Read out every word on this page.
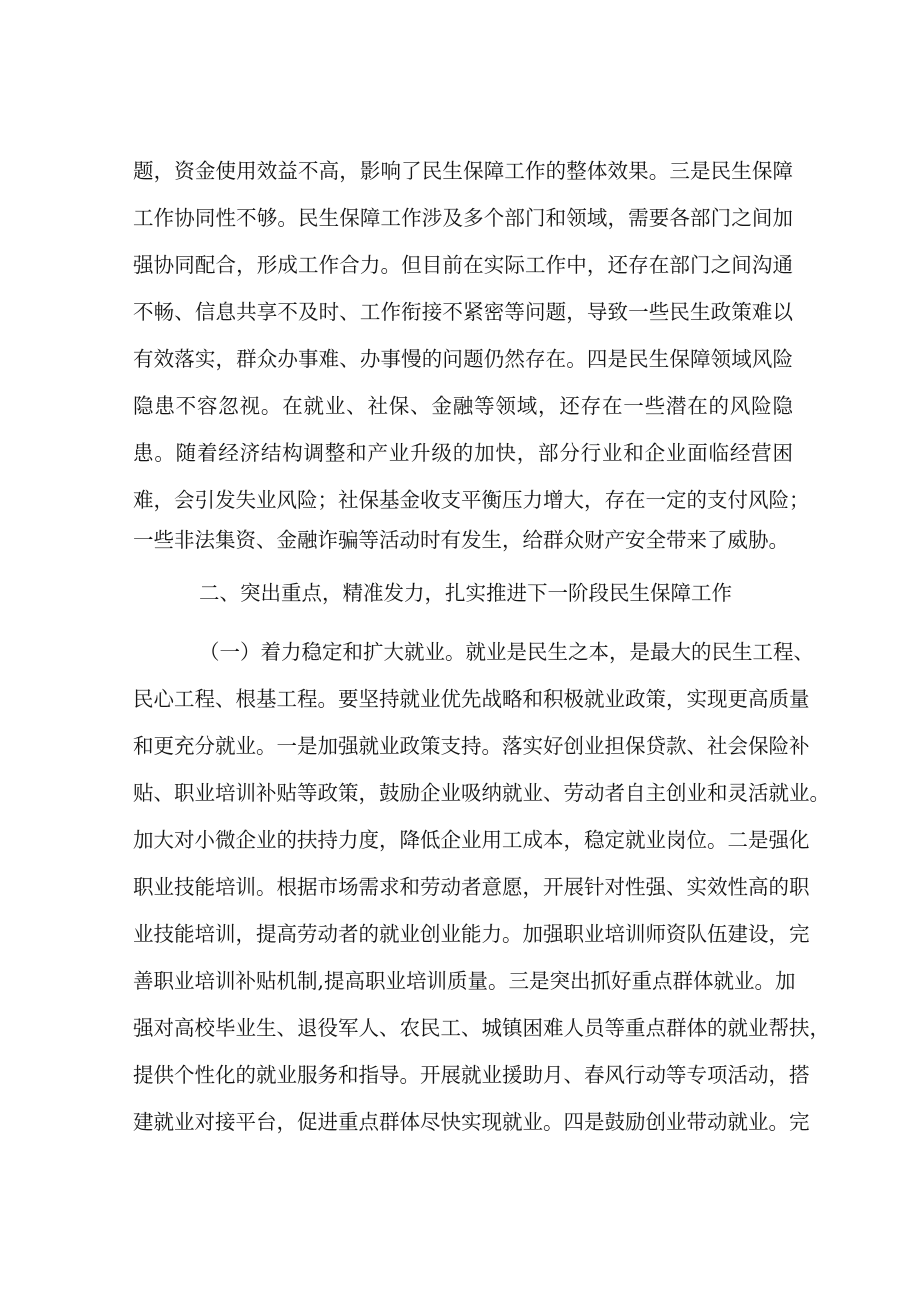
题，资金使用效益不高，影响了民生保障工作的整体效果。三是民生保障
工作协同性不够。民生保障工作涉及多个部门和领域，需要各部门之间加
强协同配合，形成工作合力。但目前在实际工作中，还存在部门之间沟通
不畅、信息共享不及时、工作衔接不紧密等问题，导致一些民生政策难以
有效落实，群众办事难、办事慢的问题仍然存在。四是民生保障领域风险
隐患不容忽视。在就业、社保、金融等领域，还存在一些潜在的风险隐
患。随着经济结构调整和产业升级的加快，部分行业和企业面临经营困
难，会引发失业风险；社保基金收支平衡压力增大，存在一定的支付风险；
一些非法集资、金融诈骗等活动时有发生，给群众财产安全带来了威胁。
二、突出重点，精准发力，扎实推进下一阶段民生保障工作
（一）着力稳定和扩大就业。就业是民生之本，是最大的民生工程、
民心工程、根基工程。要坚持就业优先战略和积极就业政策，实现更高质量
和更充分就业。一是加强就业政策支持。落实好创业担保贷款、社会保险补
贴、职业培训补贴等政策，鼓励企业吸纳就业、劳动者自主创业和灵活就业。
加大对小微企业的扶持力度，降低企业用工成本，稳定就业岗位。二是强化
职业技能培训。根据市场需求和劳动者意愿，开展针对性强、实效性高的职
业技能培训，提高劳动者的就业创业能力。加强职业培训师资队伍建设，完
善职业培训补贴机制,提高职业培训质量。三是突出抓好重点群体就业。加
强对高校毕业生、退役军人、农民工、城镇困难人员等重点群体的就业帮扶，
提供个性化的就业服务和指导。开展就业援助月、春风行动等专项活动，搭
建就业对接平台，促进重点群体尽快实现就业。四是鼓励创业带动就业。完
